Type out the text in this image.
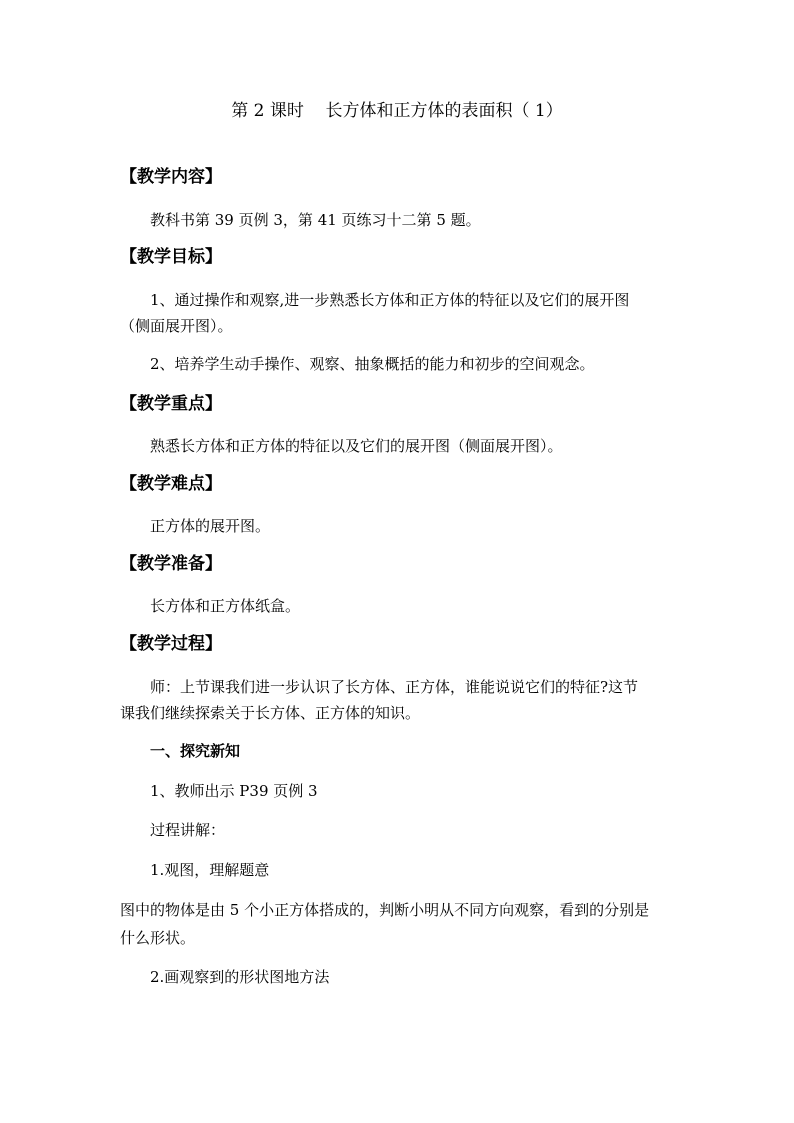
第 2 课时    长方体和正方体的表面积（ 1）
【教学内容】
教科书第 39 页例 3，第 41 页练习十二第 5 题。
【教学目标】
1、通过操作和观察,进一步熟悉长方体和正方体的特征以及它们的展开图
（侧面展开图）。
2、培养学生动手操作、观察、抽象概括的能力和初步的空间观念。
【教学重点】
熟悉长方体和正方体的特征以及它们的展开图（侧面展开图）。
【教学难点】
正方体的展开图。
【教学准备】
长方体和正方体纸盒。
【教学过程】
师：上节课我们进一步认识了长方体、正方体，谁能说说它们的特征?这节
课我们继续探索关于长方体、正方体的知识。
一、探究新知
1、教师出示 P39 页例 3
过程讲解：
1.观图，理解题意
图中的物体是由 5 个小正方体搭成的，判断小明从不同方向观察，看到的分别是
什么形状。
2.画观察到的形状图地方法
